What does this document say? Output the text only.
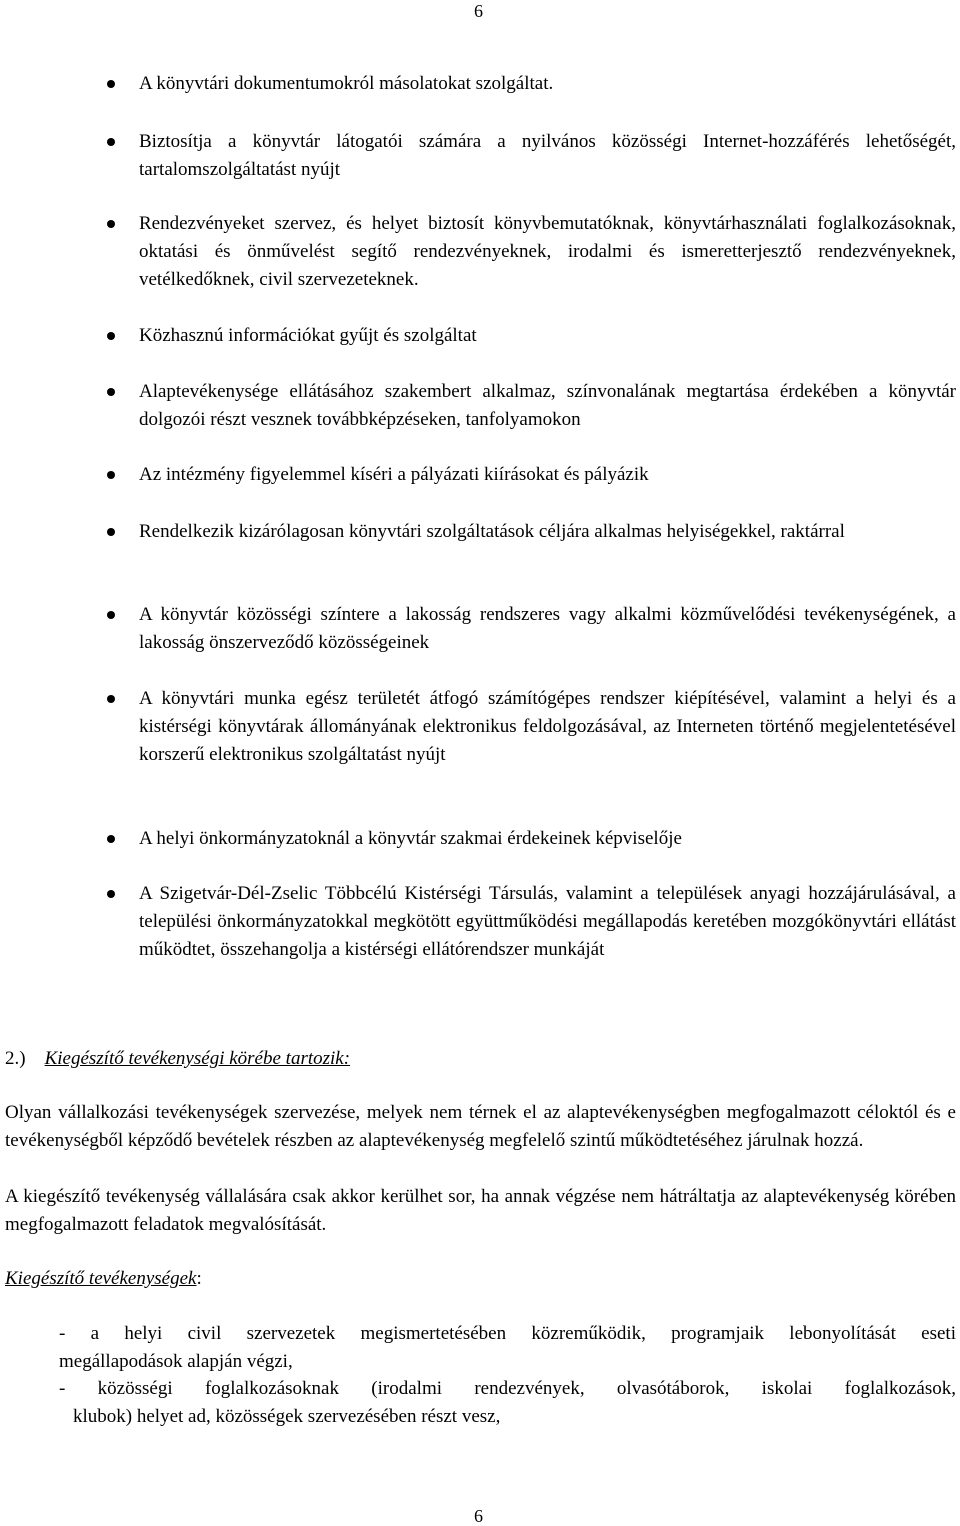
6
A könyvtári dokumentumokról másolatokat szolgáltat.
Biztosítja a könyvtár látogatói számára a nyilvános közösségi Internet-hozzáférés lehetőségét, tartalomszolgáltatást nyújt
Rendezvényeket szervez, és helyet biztosít könyvbemutatóknak, könyvtárhasználati foglalkozásoknak, oktatási és önművelést segítő rendezvényeknek, irodalmi és ismeretterjesztő rendezvényeknek, vetélkedőknek, civil szervezeteknek.
Közhasznú információkat gyűjt és szolgáltat
Alaptevékenysége ellátásához szakembert alkalmaz, színvonalának megtartása érdekében a könyvtár dolgozói részt vesznek továbbképzéseken, tanfolyamokon
Az intézmény figyelemmel kíséri a pályázati kiírásokat és pályázik
Rendelkezik kizárólagosan könyvtári szolgáltatások céljára alkalmas helyiségekkel, raktárral
A könyvtár közösségi színtere a lakosság rendszeres vagy alkalmi közművelődési tevékenységének, a lakosság önszerveződő közösségeinek
A könyvtári munka egész területét átfogó számítógépes rendszer kiépítésével, valamint a helyi és a kistérségi könyvtárak állományának elektronikus feldolgozásával, az Interneten történő megjelentetésével korszerű elektronikus szolgáltatást nyújt
A helyi önkormányzatoknál a könyvtár szakmai érdekeinek képviselője
A Szigetvár-Dél-Zselic Többcélú Kistérségi Társulás, valamint a települések anyagi hozzájárulásával, a települési önkormányzatokkal megkötött együttműködési megállapodás keretében mozgókönyvtári ellátást működtet, összehangolja a kistérségi ellátórendszer munkáját
2.) Kiegészítő tevékenységi körébe tartozik:
Olyan vállalkozási tevékenységek szervezése, melyek nem térnek el az alaptevékenységben megfogalmazott céloktól és e tevékenységből képződő bevételek részben az alaptevékenység megfelelő szintű működtetéséhez járulnak hozzá.
A kiegészítő tevékenység vállalására csak akkor kerülhet sor, ha annak végzése nem hátráltatja az alaptevékenység körében megfogalmazott feladatok megvalósítását.
Kiegészítő tevékenységek:
- a helyi civil szervezetek megismertetésében közreműködik, programjaik lebonyolítását eseti
megállapodások alapján végzi,
- közösségi foglalkozásoknak (irodalmi rendezvények, olvasótáborok, iskolai foglalkozások,
klubok) helyet ad, közösségek szervezésében részt vesz,
6
